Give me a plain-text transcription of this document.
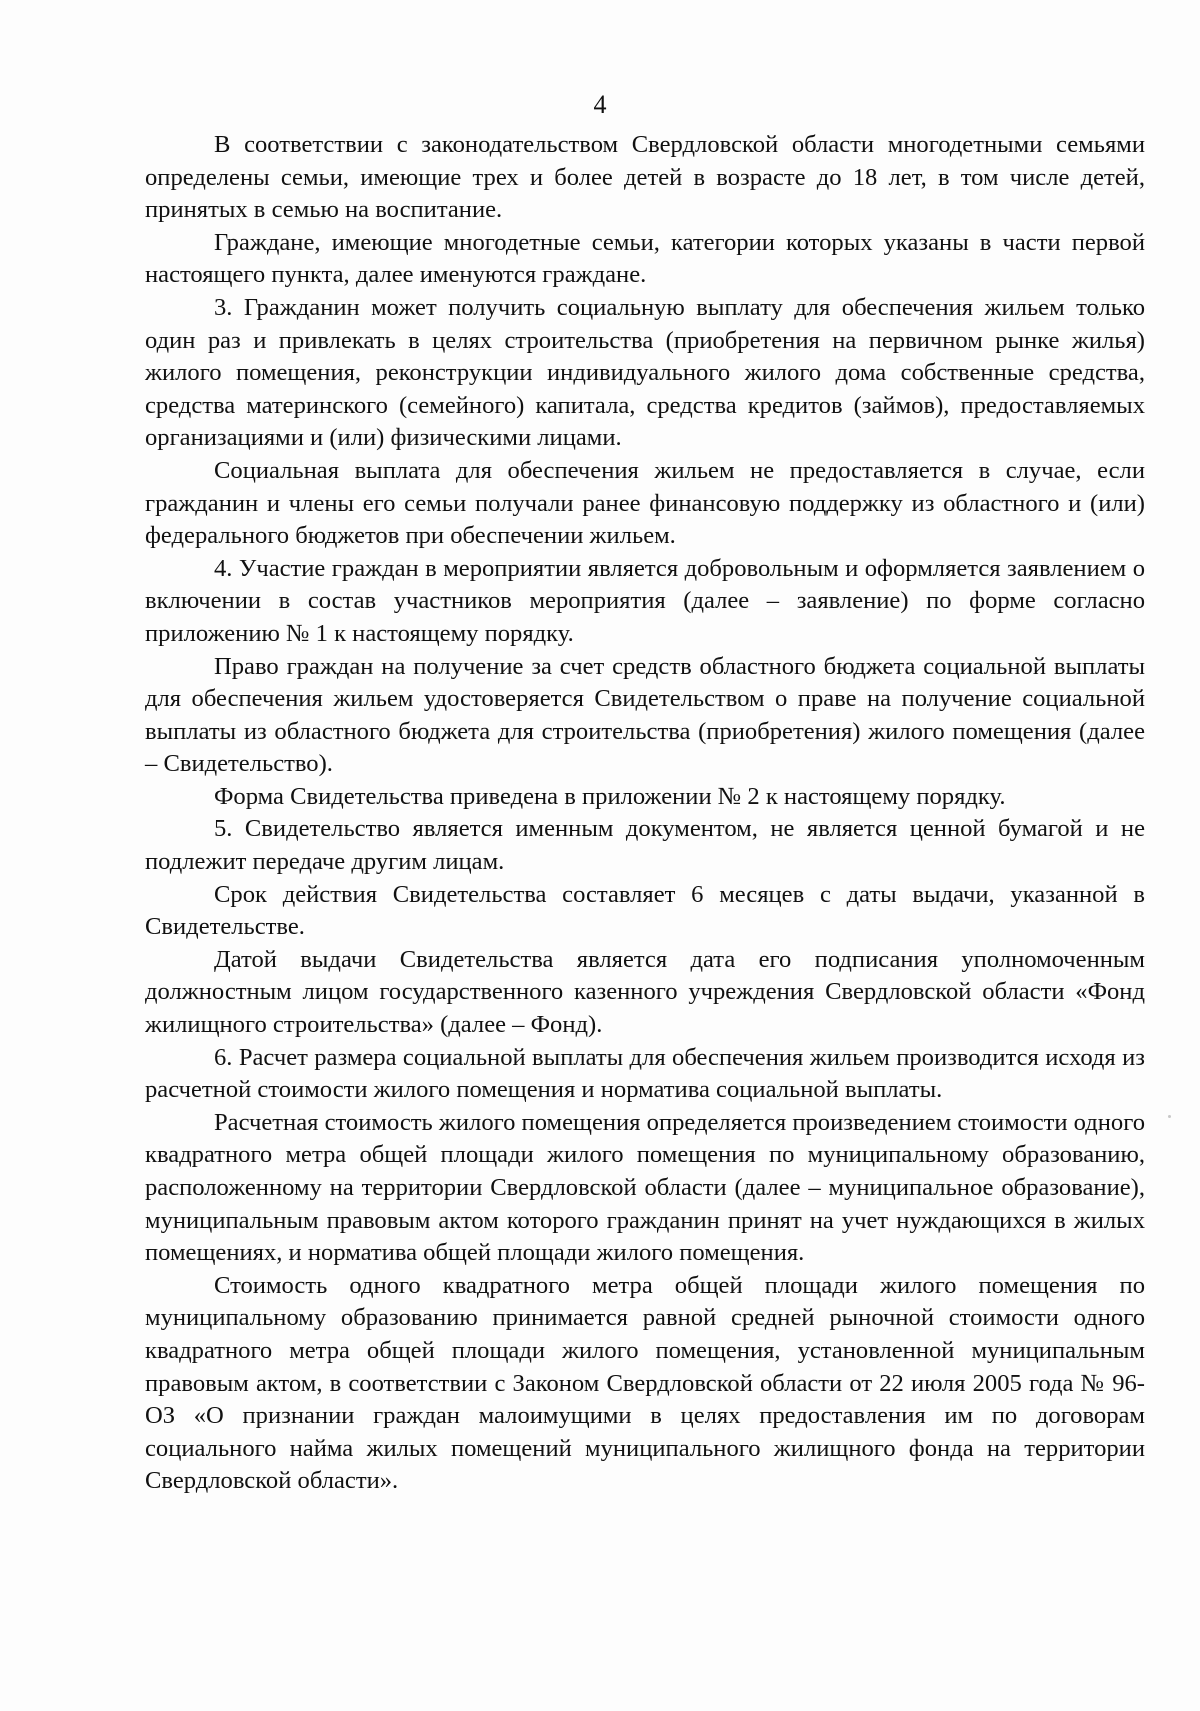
4

В соответствии с законодательством Свердловской области многодетными семьями определены семьи, имеющие трех и более детей в возрасте до 18 лет, в том числе детей, принятых в семью на воспитание.

Граждане, имеющие многодетные семьи, категории которых указаны в части первой настоящего пункта, далее именуются граждане.

3. Гражданин может получить социальную выплату для обеспечения жильем только один раз и привлекать в целях строительства (приобретения на первичном рынке жилья) жилого помещения, реконструкции индивидуального жилого дома собственные средства, средства материнского (семейного) капитала, средства кредитов (займов), предоставляемых организациями и (или) физическими лицами.

Социальная выплата для обеспечения жильем не предоставляется в случае, если гражданин и члены его семьи получали ранее финансовую поддержку из областного и (или) федерального бюджетов при обеспечении жильем.

4. Участие граждан в мероприятии является добровольным и оформляется заявлением о включении в состав участников мероприятия (далее – заявление) по форме согласно приложению № 1 к настоящему порядку.

Право граждан на получение за счет средств областного бюджета социальной выплаты для обеспечения жильем удостоверяется Свидетельством о праве на получение социальной выплаты из областного бюджета для строительства (приобретения) жилого помещения (далее – Свидетельство).

Форма Свидетельства приведена в приложении № 2 к настоящему порядку.

5. Свидетельство является именным документом, не является ценной бумагой и не подлежит передаче другим лицам.

Срок действия Свидетельства составляет 6 месяцев с даты выдачи, указанной в Свидетельстве.

Датой выдачи Свидетельства является дата его подписания уполномоченным должностным лицом государственного казенного учреждения Свердловской области «Фонд жилищного строительства» (далее – Фонд).

6. Расчет размера социальной выплаты для обеспечения жильем производится исходя из расчетной стоимости жилого помещения и норматива социальной выплаты.

Расчетная стоимость жилого помещения определяется произведением стоимости одного квадратного метра общей площади жилого помещения по муниципальному образованию, расположенному на территории Свердловской области (далее – муниципальное образование), муниципальным правовым актом которого гражданин принят на учет нуждающихся в жилых помещениях, и норматива общей площади жилого помещения.

Стоимость одного квадратного метра общей площади жилого помещения по муниципальному образованию принимается равной средней рыночной стоимости одного квадратного метра общей площади жилого помещения, установленной муниципальным правовым актом, в соответствии с Законом Свердловской области от 22 июля 2005 года № 96-ОЗ «О признании граждан малоимущими в целях предоставления им по договорам социального найма жилых помещений муниципального жилищного фонда на территории Свердловской области».
